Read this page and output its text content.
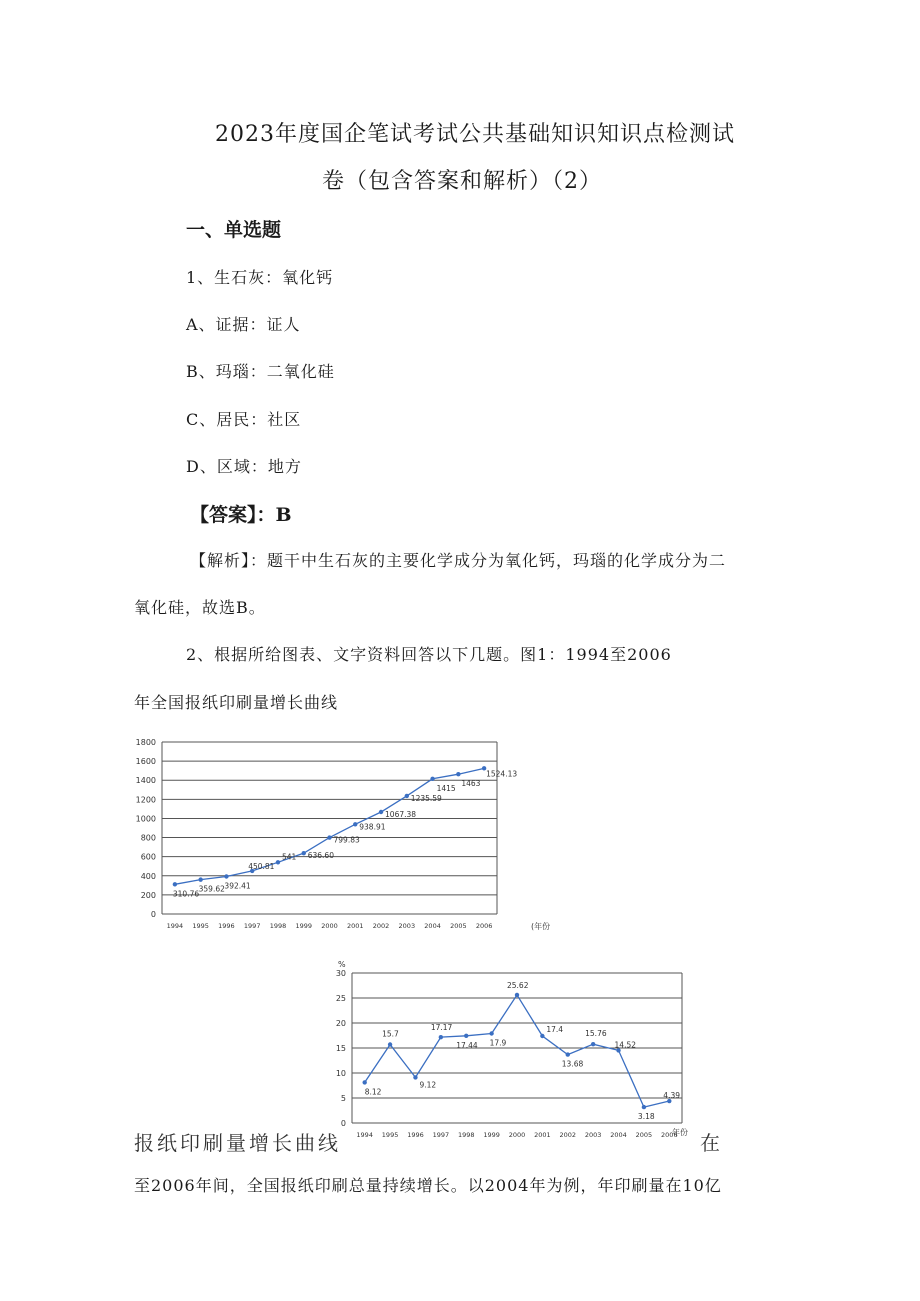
2023年度国企笔试考试公共基础知识知识点检测试
卷（包含答案和解析）（2）
一、单选题
1、生石灰：氧化钙
A、证据：证人
B、玛瑙：二氧化硅
C、居民：社区
D、区域：地方
【答案】：B
【解析】：题干中生石灰的主要化学成分为氧化钙，玛瑙的化学成分为二
氧化硅，故选B。
2、根据所给图表、文字资料回答以下几题。图1：1994至2006
年全国报纸印刷量增长曲线
0
200
400
600
800
1000
1200
1400
1600
1800
1994 1995 1996 1997 1998 1999 2000 2001 2002 2003 2004 2005 2006	(年份
310.76
359.62 392.41
450.81
541 636.60
799.83
938.91
1067.38
1235.59
1415
1463
1524.13
0
5
10
15
20
25
30
1994 1995 1996 1997 1998 1999 2000 2001 2002 2003 2004 2005 2006
年份
%
8.12
15.7
9.12
17.17
17.44 17.9
25.62
17.4
13.68
15.76
14.52
3.18
4.39
报纸印刷量增长曲线	在
至2006年间，全国报纸印刷总量持续增长。以2004年为例，年印刷量在10亿
